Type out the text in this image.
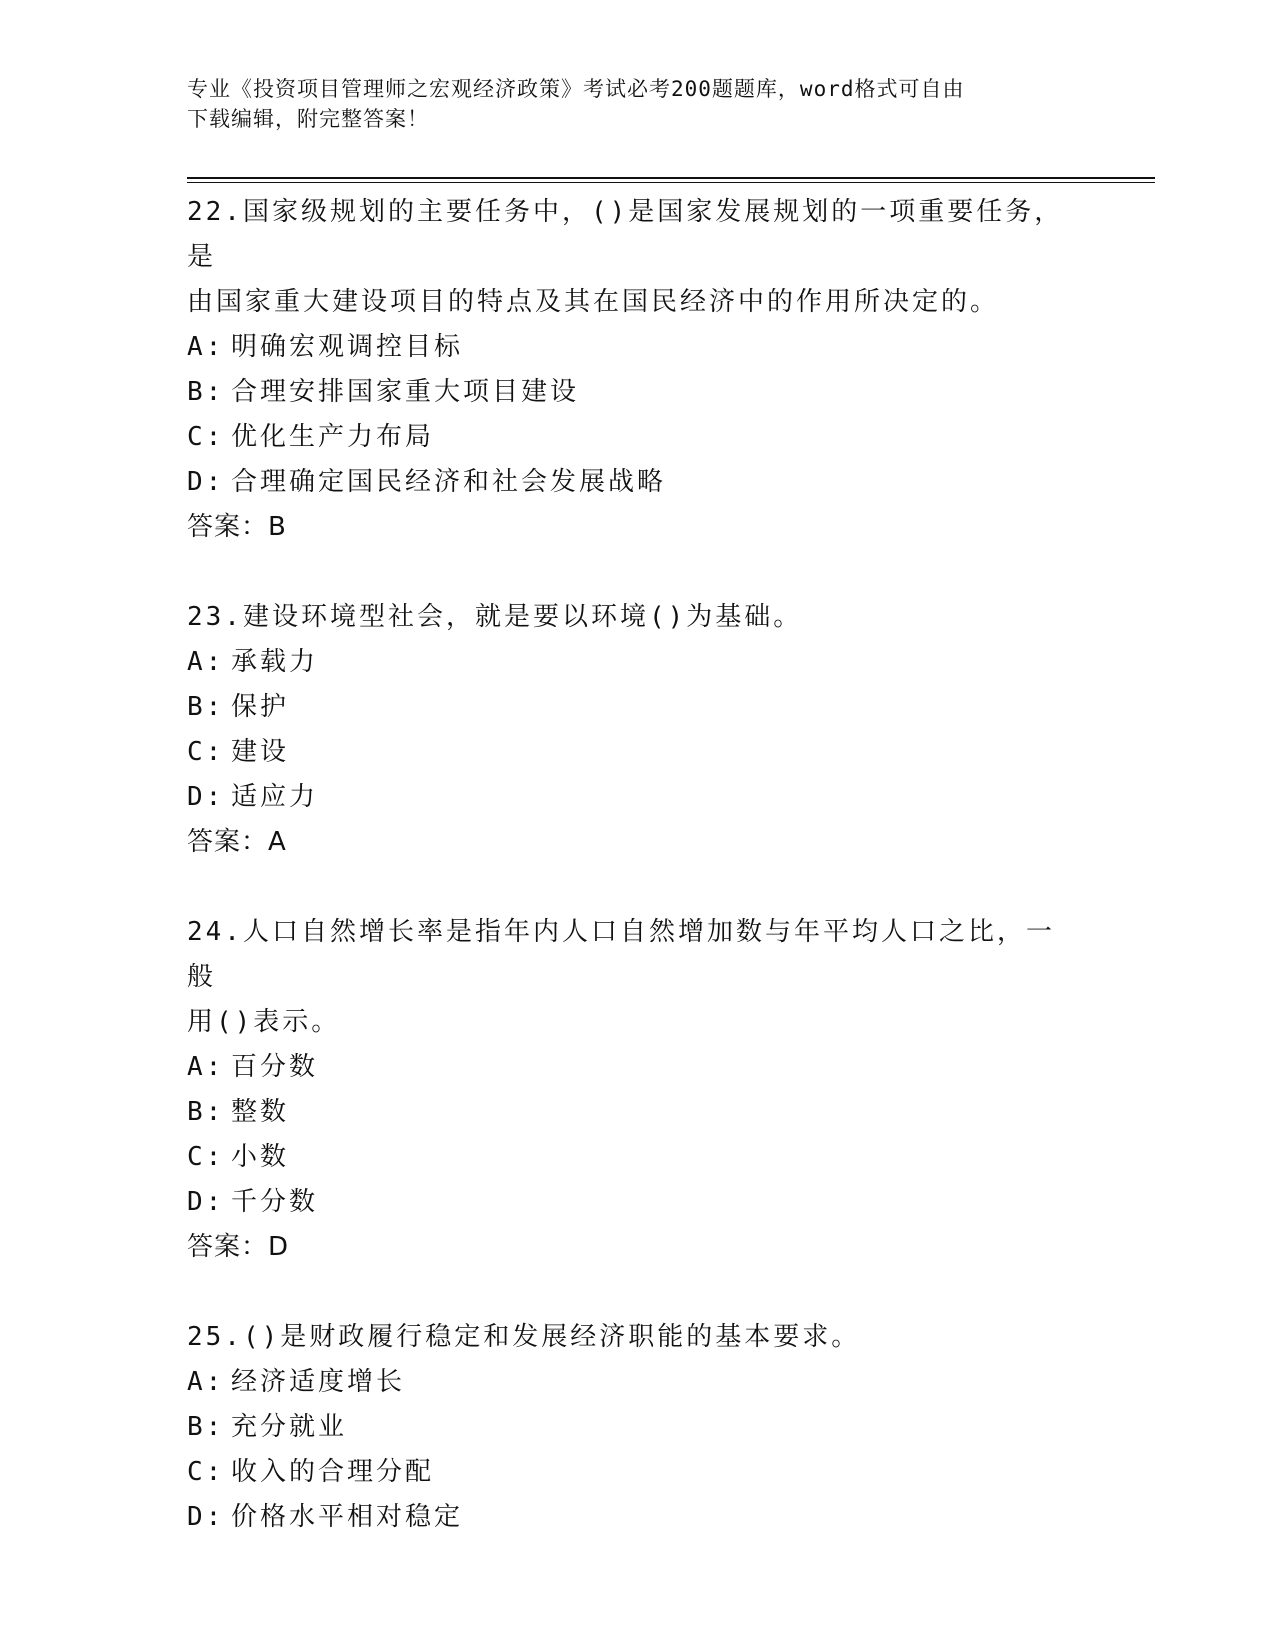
专业《投资项目管理师之宏观经济政策》考试必考200题题库，word格式可自由
下载编辑，附完整答案！
22.国家级规划的主要任务中，()是国家发展规划的一项重要任务，是
由国家重大建设项目的特点及其在国民经济中的作用所决定的。
A: 明确宏观调控目标
B: 合理安排国家重大项目建设
C: 优化生产力布局
D: 合理确定国民经济和社会发展战略
答案：B
23.建设环境型社会，就是要以环境()为基础。
A: 承载力
B: 保护
C: 建设
D: 适应力
答案：A
24.人口自然增长率是指年内人口自然增加数与年平均人口之比，一般
用()表示。
A: 百分数
B: 整数
C: 小数
D: 千分数
答案：D
25.()是财政履行稳定和发展经济职能的基本要求。
A: 经济适度增长
B: 充分就业
C: 收入的合理分配
D: 价格水平相对稳定
